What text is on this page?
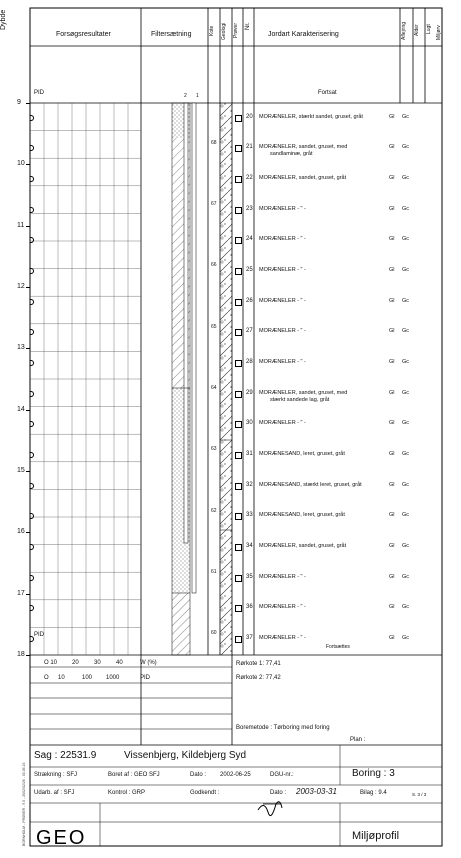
Dybde
Forsøgsresultater	Filtersætning	Kote Geologi Prøver Nr.
Jordart Karakterisering	Aflejring Alder Lugt Miljørv
PID	2 1	Fortsat
9
10
11
12
13
14
15
16
17
18
68
67
66
65
64
63
62
61
60
20 MORÆNELER, stærkt sandet, gruset, gråt	Gl Gc
21 MORÆNELER, sandet, gruset, med
sandlaminæ, gråt
Gl Gc
22 MORÆNELER, sandet, gruset, gråt	Gl Gc
23 MORÆNELER - " -	Gl Gc
24 MORÆNELER - " -	Gl Gc
25 MORÆNELER - " -	Gl Gc
26 MORÆNELER - " -	Gl Gc
27 MORÆNELER - " -	Gl Gc
28 MORÆNELER - " -	Gl Gc
29 MORÆNELER, sandet, gruset, med
stærkt sandede lag, gråt
Gl Gc
30 MORÆNELER - " -	Gl Gc
31 MORÆNESAND, leret, gruset, gråt	Gl Gc
32 MORÆNESAND, stærkt leret, gruset, gråt	Gl Gc
33 MORÆNESAND, leret, gruset, gråt	Gl Gc
34 MORÆNELER, sandet, gruset, gråt	Gl Gc
35 MORÆNELER - " -	Gl Gc
36 MORÆNELER - " -	Gl Gc
37 MORÆNELER - " -	Gl Gc
PID
Fortsættes
O 10 20	30	40	W (%)
O 10	100 1000	PID
Rørkote 1: 77,41
Rørkote 2: 77,42
Boremetode : Tørboring med foring
Plan :
Sag : 22531.9	Vissenbjerg, Kildebjerg Syd
Strækning : SFJ	Boret af : GEO SFJ	Dato : 2002-06-25	DGU-nr.:	Boring : 3
Udarb. af : SFJ	Kontrol : GRP	Godkendt :	Dato : 2003-03-31	Bilag : 9.4	S. 3 / 3
GEO	Miljøprofil
BORNHOLM - PRØVER - 9.5 - 2002/02/26 - 00.06.16
